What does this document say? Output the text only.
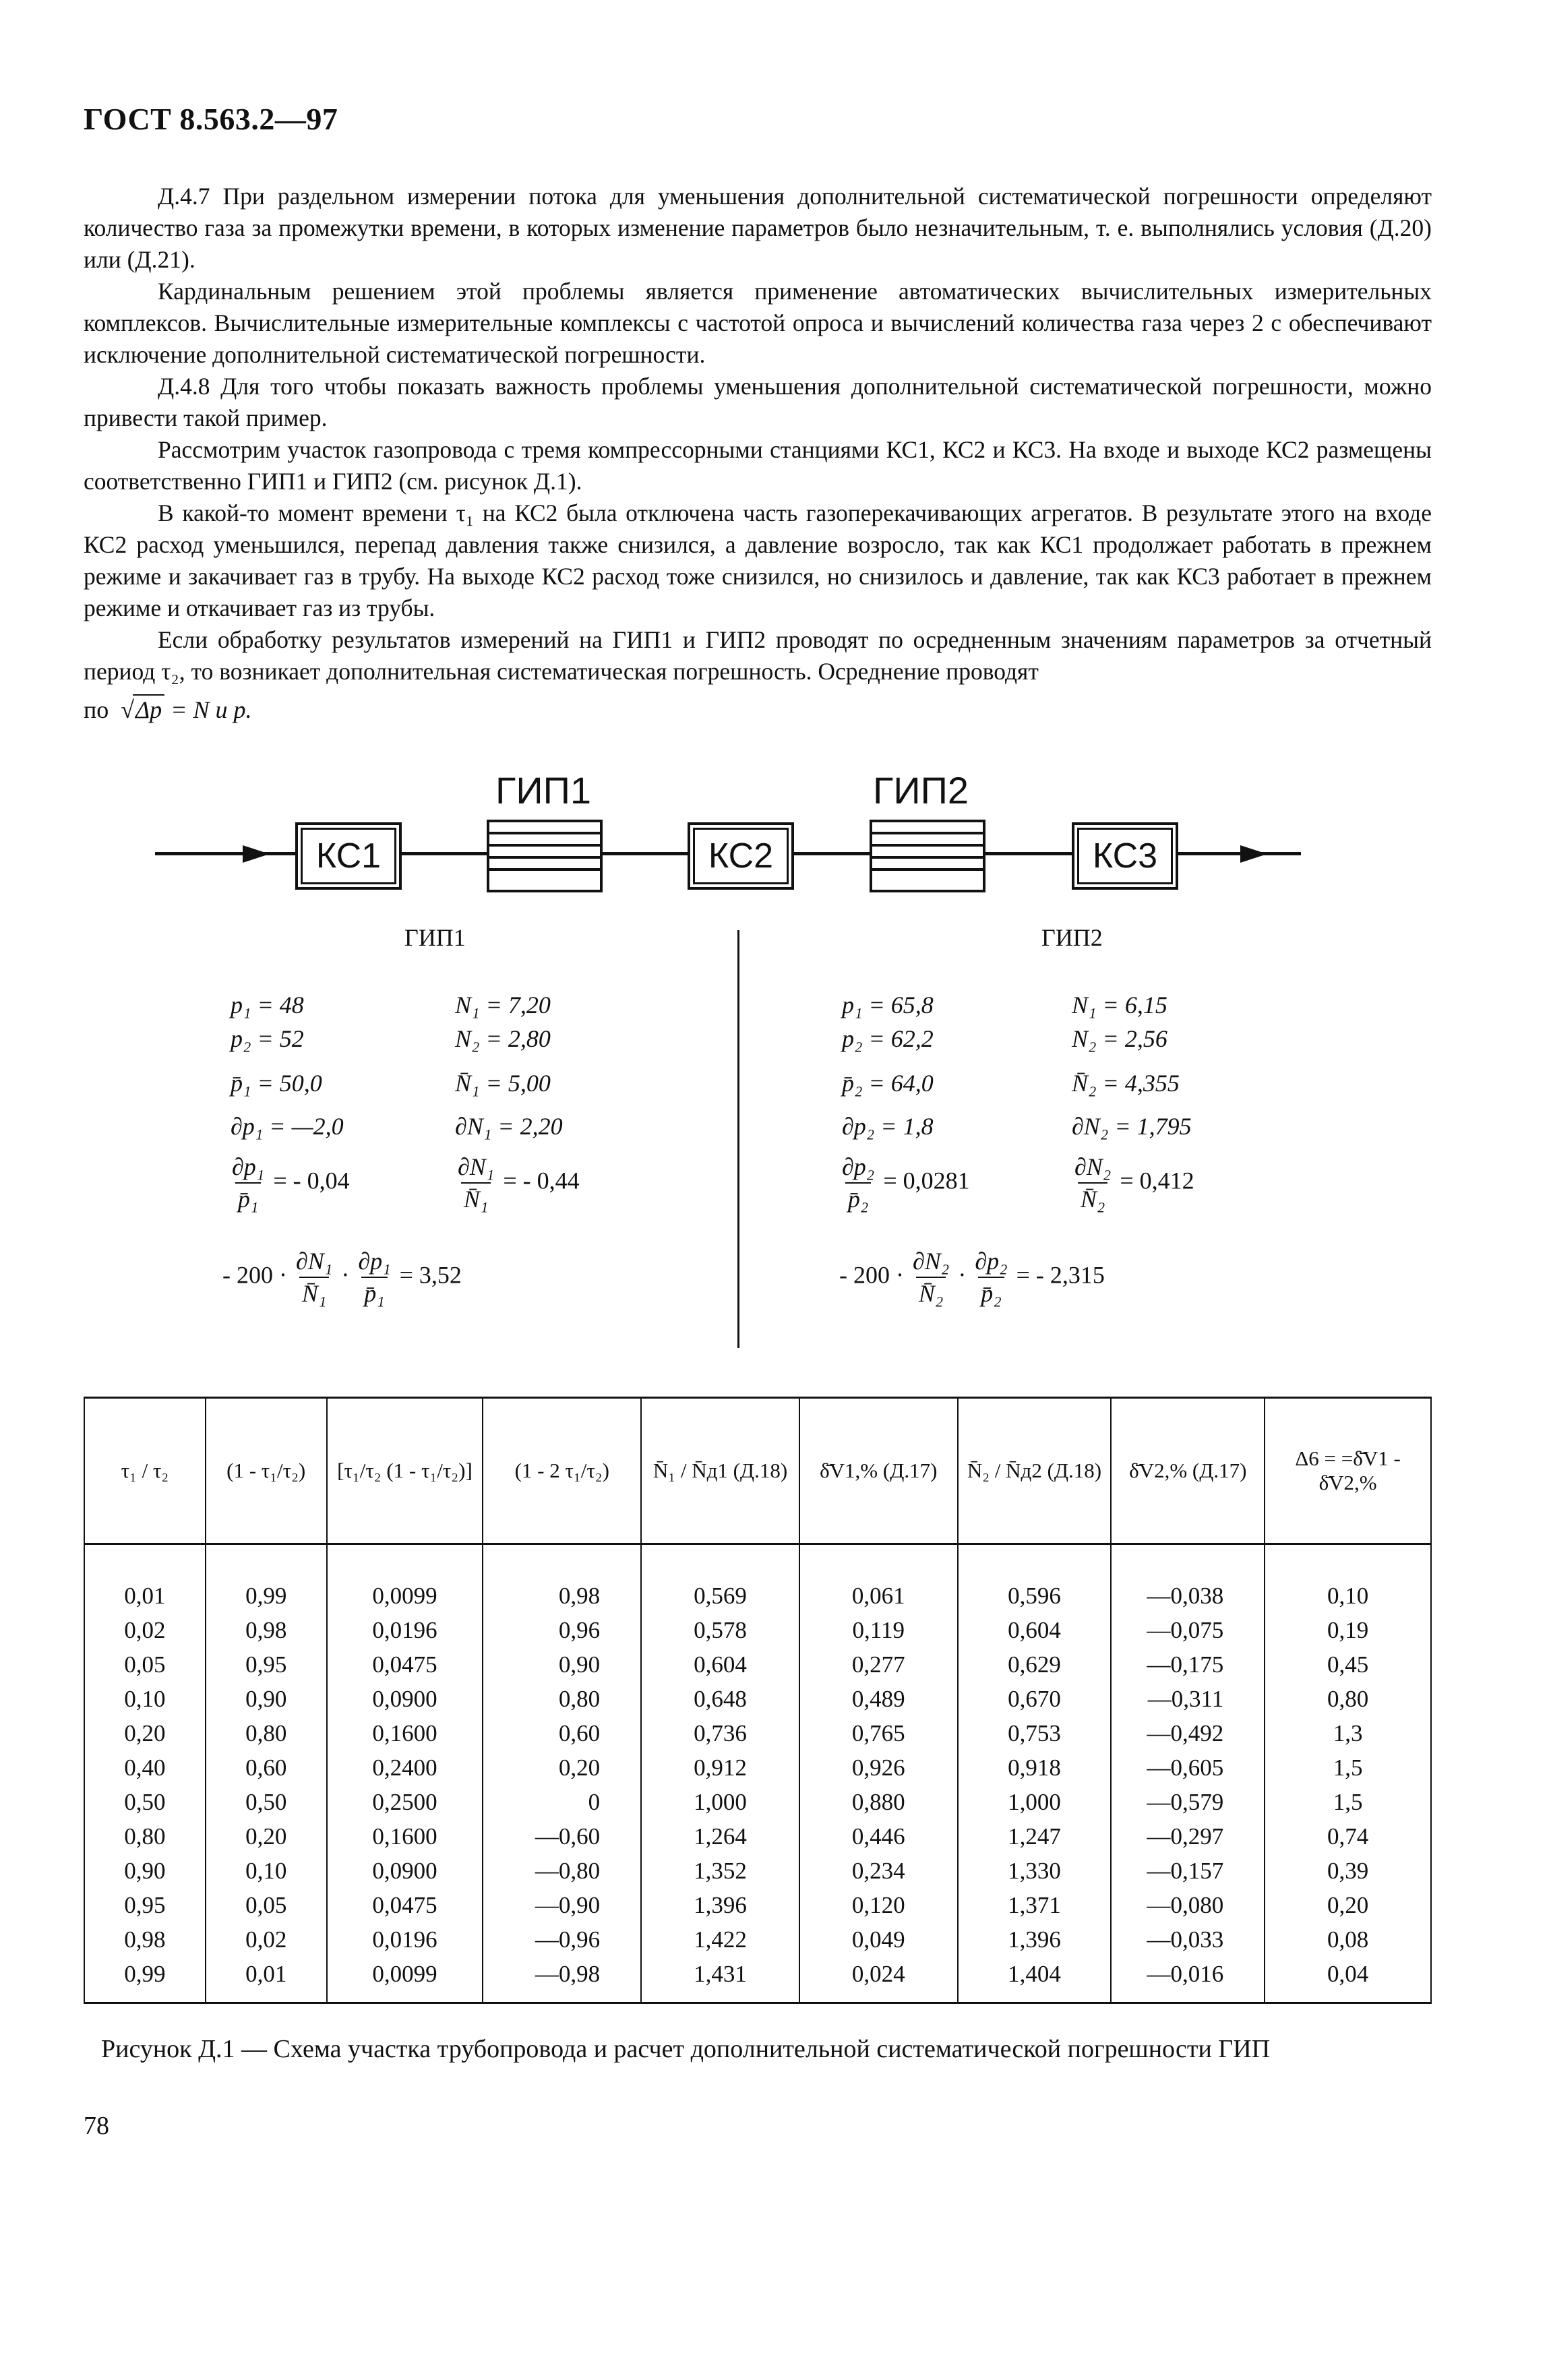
ГОСТ 8.563.2—97

Д.4.7 При раздельном измерении потока для уменьшения дополнительной систематической погрешности определяют количество газа за промежутки времени, в которых изменение параметров было незначительным, т. е. выполнялись условия (Д.20) или (Д.21).

Кардинальным решением этой проблемы является применение автоматических вычислительных измерительных комплексов. Вычислительные измерительные комплексы с частотой опроса и вычислений количества газа через 2 с обеспечивают исключение дополнительной систематической погрешности.

Д.4.8 Для того чтобы показать важность проблемы уменьшения дополнительной систематической погрешности, можно привести такой пример.

Рассмотрим участок газопровода с тремя компрессорными станциями КС1, КС2 и КС3. На входе и выходе КС2 размещены соответственно ГИП1 и ГИП2 (см. рисунок Д.1).

В какой-то момент времени τ₁ на КС2 была отключена часть газоперекачивающих агрегатов. В результате этого на входе КС2 расход уменьшился, перепад давления также снизился, а давление возросло, так как КС1 продолжает работать в прежнем режиме и закачивает газ в трубу. На выходе КС2 расход тоже снизился, но снизилось и давление, так как КС3 работает в прежнем режиме и откачивает газ из трубы.

Если обработку результатов измерений на ГИП1 и ГИП2 проводят по осредненным значениям параметров за отчетный период τ₂, то возникает дополнительная систематическая погрешность. Осреднение проводят

по  √Δp = N и p.
ГИП1	ГИП2
КС1	КС2	КС3
ГИП1
p₁ = 48	N₁ = 7,20
p₂ = 52	N₂ = 2,80
p̄₁ = 50,0	N̄₁ = 5,00
∂p₁ = —2,0	∂N₁ = 2,20
$\frac{\text{∂p₁}}{\text{p̄₁}}$ = - 0,04	$\frac{\text{∂N₁}}{\text{N̄₁}}$ = - 0,44
- $200 \cdot \frac{\text{∂N₁}}{\text{N̄₁}} \cdot \frac{\text{∂p₁}}{\text{p̄₁}} = 3,52$
ГИП2
p₁ = 65,8	N₁ = 6,15
p₂ = 62,2	N₂ = 2,56
p̄₂ = 64,0	N̄₂ = 4,355
∂p₂ = 1,8	∂N₂ = 1,795
$\frac{\text{∂p₂}}{\text{p̄₂}} = 0,0281$	$\frac{\text{∂N₂}}{\text{N̄₂}} = 0,412$
- $200 \cdot \frac{\text{∂N₂}}{\text{N̄₂}} \cdot \frac{\text{∂p₂}}{\text{p̄₂}}$ = - 2,315
τ₁ / τ₂	(1 - τ₁/τ₂)	[τ₁/τ₂ (1 - τ₁/τ₂)]	(1 - 2 τ₁/τ₂)	N̄₁ / N̄д1 (Д.18)	δ̄V1,% (Д.17)	N̄₂ / N̄д2 (Д.18)	δ̄V2,% (Д.17)	Δ6 = =δ̄V1 - δ̄V2,%
0,01	0,99	0,0099	0,98	0,569	0,061	0,596	—0,038	0,10
0,02	0,98	0,0196	0,96	0,578	0,119	0,604	—0,075	0,19
0,05	0,95	0,0475	0,90	0,604	0,277	0,629	—0,175	0,45
0,10	0,90	0,0900	0,80	0,648	0,489	0,670	—0,311	0,80
0,20	0,80	0,1600	0,60	0,736	0,765	0,753	—0,492	1,3
0,40	0,60	0,2400	0,20	0,912	0,926	0,918	—0,605	1,5
0,50	0,50	0,2500	0	1,000	0,880	1,000	—0,579	1,5
0,80	0,20	0,1600	—0,60	1,264	0,446	1,247	—0,297	0,74
0,90	0,10	0,0900	—0,80	1,352	0,234	1,330	—0,157	0,39
0,95	0,05	0,0475	—0,90	1,396	0,120	1,371	—0,080	0,20
0,98	0,02	0,0196	—0,96	1,422	0,049	1,396	—0,033	0,08
0,99	0,01	0,0099	—0,98	1,431	0,024	1,404	—0,016	0,04
Рисунок Д.1 — Схема участка трубопровода и расчет дополнительной систематической погрешности ГИП
78
